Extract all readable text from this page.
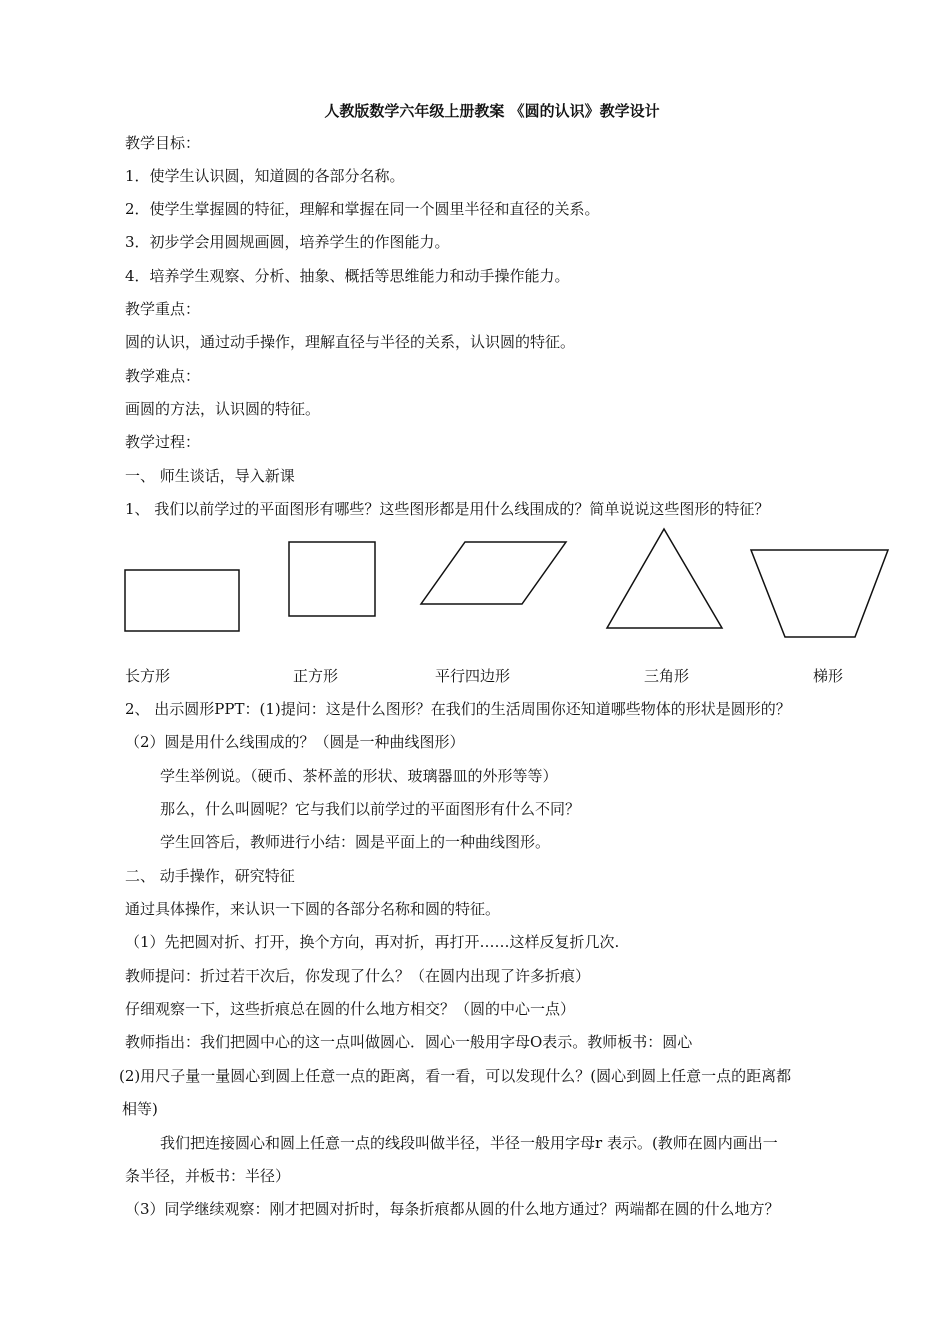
人教版数学六年级上册教案 《圆的认识》教学设计
教学目标：
1．使学生认识圆，知道圆的各部分名称。
2．使学生掌握圆的特征，理解和掌握在同一个圆里半径和直径的关系。
3．初步学会用圆规画圆，培养学生的作图能力。
4．培养学生观察、分析、抽象、概括等思维能力和动手操作能力。
教学重点：
圆的认识，通过动手操作，理解直径与半径的关系，认识圆的特征。
教学难点：
画圆的方法，认识圆的特征。
教学过程：
一、 师生谈话，导入新课
1、 我们以前学过的平面图形有哪些？这些图形都是用什么线围成的？简单说说这些图形的特征？
长方形	正方形	平行四边形	三角形	梯形
2、 出示圆形PPT：(1)提问：这是什么图形？在我们的生活周围你还知道哪些物体的形状是圆形的？
（2）圆是用什么线围成的？（圆是一种曲线图形）
学生举例说。（硬币、茶杯盖的形状、玻璃器皿的外形等等）
那么，什么叫圆呢？它与我们以前学过的平面图形有什么不同？
学生回答后，教师进行小结：圆是平面上的一种曲线图形。
二、 动手操作，研究特征
通过具体操作，来认识一下圆的各部分名称和圆的特征。
（1）先把圆对折、打开，换个方向，再对折，再打开……这样反复折几次.
教师提问：折过若干次后，你发现了什么？（在圆内出现了许多折痕）
仔细观察一下，这些折痕总在圆的什么地方相交？（圆的中心一点）
教师指出：我们把圆中心的这一点叫做圆心．圆心一般用字母O表示。教师板书：圆心
(2)用尺子量一量圆心到圆上任意一点的距离，看一看，可以发现什么？(圆心到圆上任意一点的距离都
相等)
我们把连接圆心和圆上任意一点的线段叫做半径，半径一般用字母r 表示。(教师在圆内画出一
条半径，并板书：半径）
（3）同学继续观察：刚才把圆对折时，每条折痕都从圆的什么地方通过？两端都在圆的什么地方？
